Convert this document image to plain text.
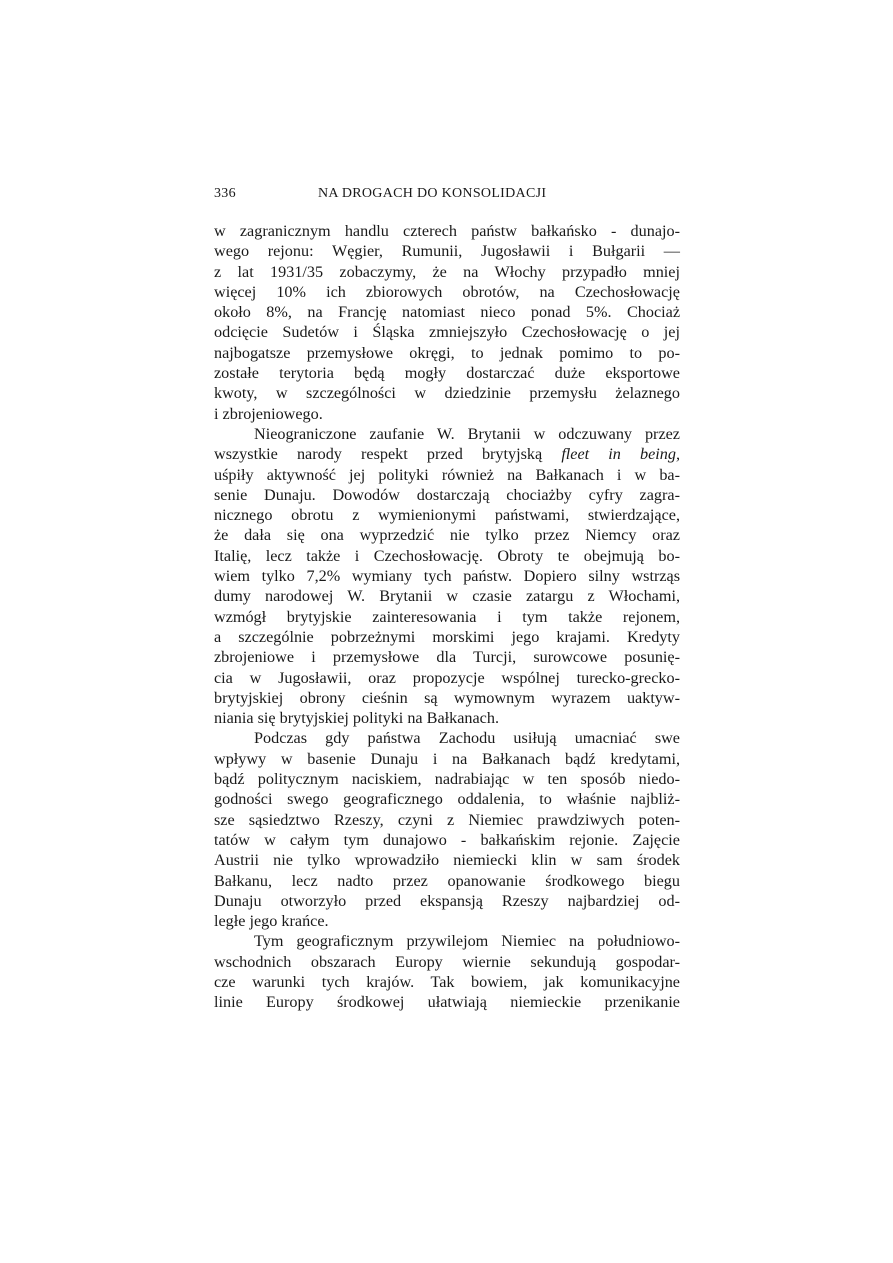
336	NA DROGACH DO KONSOLIDACJI

w zagranicznym handlu czterech państw bałkańsko - dunajo-
wego rejonu: Węgier, Rumunii, Jugosławii i Bułgarii —
z lat 1931/35 zobaczymy, że na Włochy przypadło mniej
więcej 10% ich zbiorowych obrotów, na Czechosłowację
około 8%, na Francję natomiast nieco ponad 5%. Chociaż
odcięcie Sudetów i Śląska zmniejszyło Czechosłowację o jej
najbogatsze przemysłowe okręgi, to jednak pomimo to po-
zostałe terytoria będą mogły dostarczać duże eksportowe
kwoty, w szczególności w dziedzinie przemysłu żelaznego
i zbrojeniowego.

Nieograniczone zaufanie W. Brytanii w odczuwany przez
wszystkie narody respekt przed brytyjską fleet in being,
uśpiły aktywność jej polityki również na Bałkanach i w ba-
senie Dunaju. Dowodów dostarczają chociażby cyfry zagra-
nicznego obrotu z wymienionymi państwami, stwierdzające,
że dała się ona wyprzedzić nie tylko przez Niemcy oraz
Italię, lecz także i Czechosłowację. Obroty te obejmują bo-
wiem tylko 7,2% wymiany tych państw. Dopiero silny wstrząs
dumy narodowej W. Brytanii w czasie zatargu z Włochami,
wzmógł brytyjskie zainteresowania i tym także rejonem,
a szczególnie pobrzeżnymi morskimi jego krajami. Kredyty
zbrojeniowe i przemysłowe dla Turcji, surowcowe posunię-
cia w Jugosławii, oraz propozycje wspólnej turecko-grecko-
brytyjskiej obrony cieśnin są wymownym wyrazem uaktyw-
niania się brytyjskiej polityki na Bałkanach.

Podczas gdy państwa Zachodu usiłują umacniać swe
wpływy w basenie Dunaju i na Bałkanach bądź kredytami,
bądź politycznym naciskiem, nadrabiając w ten sposób niedo-
godności swego geograficznego oddalenia, to właśnie najbliż-
sze sąsiedztwo Rzeszy, czyni z Niemiec prawdziwych poten-
tatów w całym tym dunajowo - bałkańskim rejonie. Zajęcie
Austrii nie tylko wprowadziło niemiecki klin w sam środek
Bałkanu, lecz nadto przez opanowanie środkowego biegu
Dunaju otworzyło przed ekspansją Rzeszy najbardziej od-
ległe jego krańce.

Tym geograficznym przywilejom Niemiec na południowo-
wschodnich obszarach Europy wiernie sekundują gospodar-
cze warunki tych krajów. Tak bowiem, jak komunikacyjne
linie Europy środkowej ułatwiają niemieckie przenikanie
